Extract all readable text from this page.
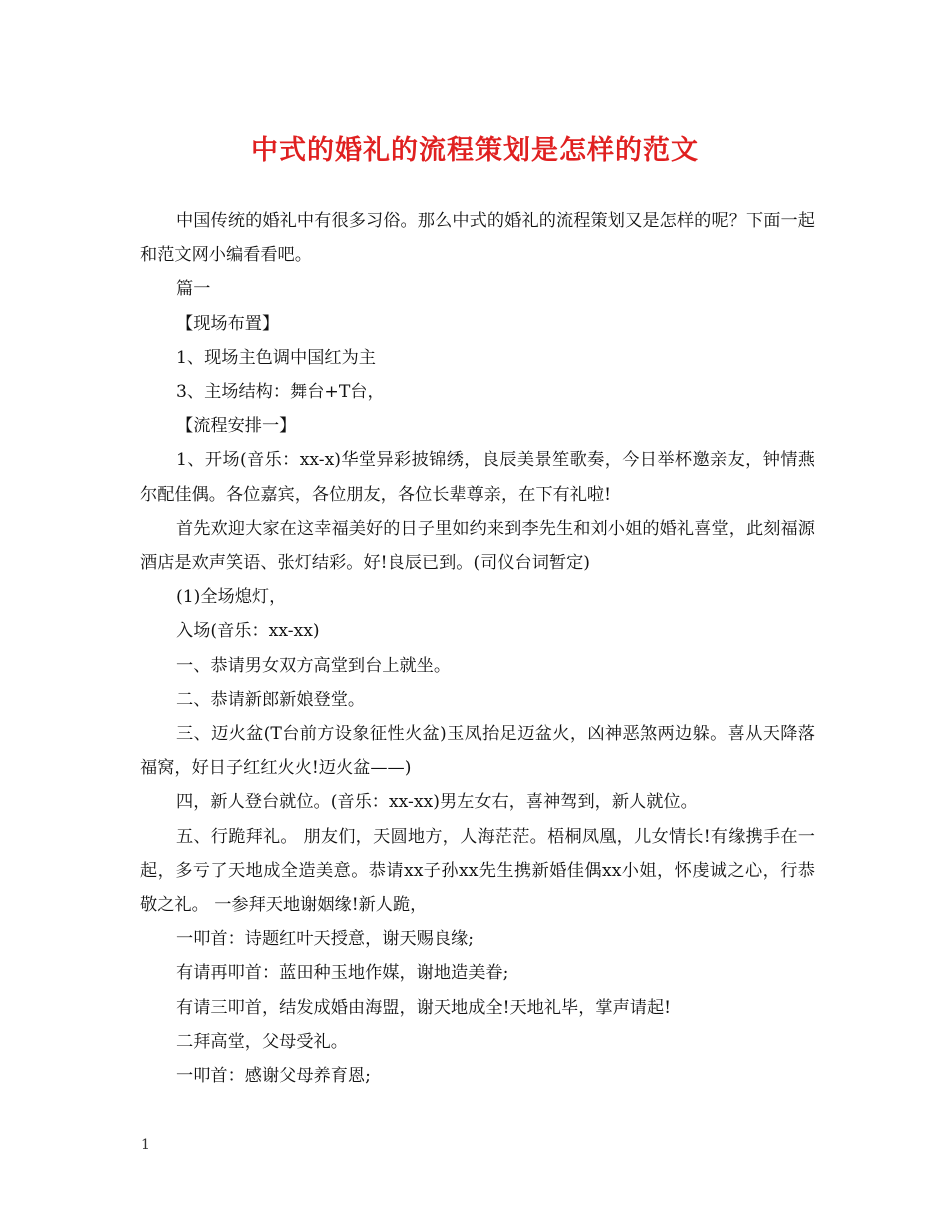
中式的婚礼的流程策划是怎样的范文

中国传统的婚礼中有很多习俗。那么中式的婚礼的流程策划又是怎样的呢？下面一起和范文网小编看看吧。

篇一

【现场布置】

1、现场主色调中国红为主

3、主场结构：舞台+T台，

【流程安排一】

1、开场(音乐：xx-x)华堂异彩披锦绣，良辰美景笙歌奏，今日举杯邀亲友，钟情燕尔配佳偶。各位嘉宾，各位朋友，各位长辈尊亲，在下有礼啦!

首先欢迎大家在这幸福美好的日子里如约来到李先生和刘小姐的婚礼喜堂，此刻福源酒店是欢声笑语、张灯结彩。好!良辰已到。(司仪台词暂定)

(1)全场熄灯，

入场(音乐：xx-xx)

一、恭请男女双方高堂到台上就坐。

二、恭请新郎新娘登堂。

三、迈火盆(T台前方设象征性火盆)玉凤抬足迈盆火，凶神恶煞两边躲。喜从天降落福窝，好日子红红火火!迈火盆——)

四，新人登台就位。(音乐：xx-xx)男左女右，喜神驾到，新人就位。

五、行跪拜礼。 朋友们，天圆地方，人海茫茫。梧桐凤凰，儿女情长!有缘携手在一起，多亏了天地成全造美意。恭请xx子孙xx先生携新婚佳偶xx小姐，怀虔诚之心，行恭敬之礼。 一参拜天地谢姻缘!新人跪，

一叩首：诗题红叶天授意，谢天赐良缘;

有请再叩首：蓝田种玉地作媒，谢地造美眷;

有请三叩首，结发成婚由海盟，谢天地成全!天地礼毕，掌声请起!

二拜高堂，父母受礼。

一叩首：感谢父母养育恩;

1
